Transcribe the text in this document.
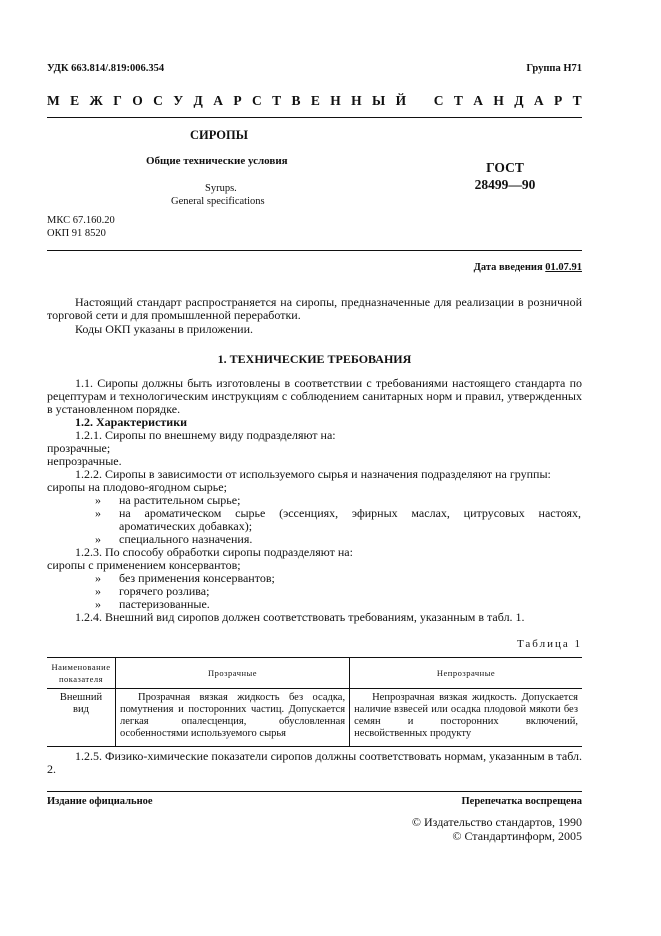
УДК 663.814/.819:006.354	Группа Н71
М Е Ж Г О С У Д А Р С Т В Е Н Н Ы Й
С Т А Н Д А Р Т
СИРОПЫ
Общие технические условия
Syrups.
General specifications
ГОСТ
28499—90
МКС 67.160.20
ОКП 91 8520
Дата введения 01.07.91
Настоящий стандарт распространяется на сиропы, предназначенные для реализации в розничной торговой сети и для промышленной переработки.
Коды ОКП указаны в приложении.
1. ТЕХНИЧЕСКИЕ ТРЕБОВАНИЯ
1.1. Сиропы должны быть изготовлены в соответствии с требованиями настоящего стандарта по рецептурам и технологическим инструкциям с соблюдением санитарных норм и правил, утвержденных в установленном порядке.
1.2. Характеристики
1.2.1. Сиропы по внешнему виду подразделяют на:
прозрачные;
непрозрачные.
1.2.2. Сиропы в зависимости от используемого сырья и назначения подразделяют на группы:
сиропы на плодово-ягодном сырье;
» на растительном сырье;
» на ароматическом сырье (эссенциях, эфирных маслах, цитрусовых настоях, ароматических добавках);
» специального назначения.
1.2.3. По способу обработки сиропы подразделяют на:
сиропы с применением консервантов;
» без применения консервантов;
» горячего розлива;
» пастеризованные.
1.2.4. Внешний вид сиропов должен соответствовать требованиям, указанным в табл. 1.
Таблица 1
Наименование показателя	Прозрачные	Непрозрачные
Внешний вид	Прозрачная вязкая жидкость без осадка, помутнения и посторонних частиц. Допускается легкая опалесценция, обусловленная особенностями используемого сырья	Непрозрачная вязкая жидкость. Допускается наличие взвесей или осадка плодовой мякоти без семян и посторонних включений, несвойственных продукту
1.2.5. Физико-химические показатели сиропов должны соответствовать нормам, указанным в табл. 2.
Издание официальное	Перепечатка воспрещена
© Издательство стандартов, 1990
© Стандартинформ, 2005
